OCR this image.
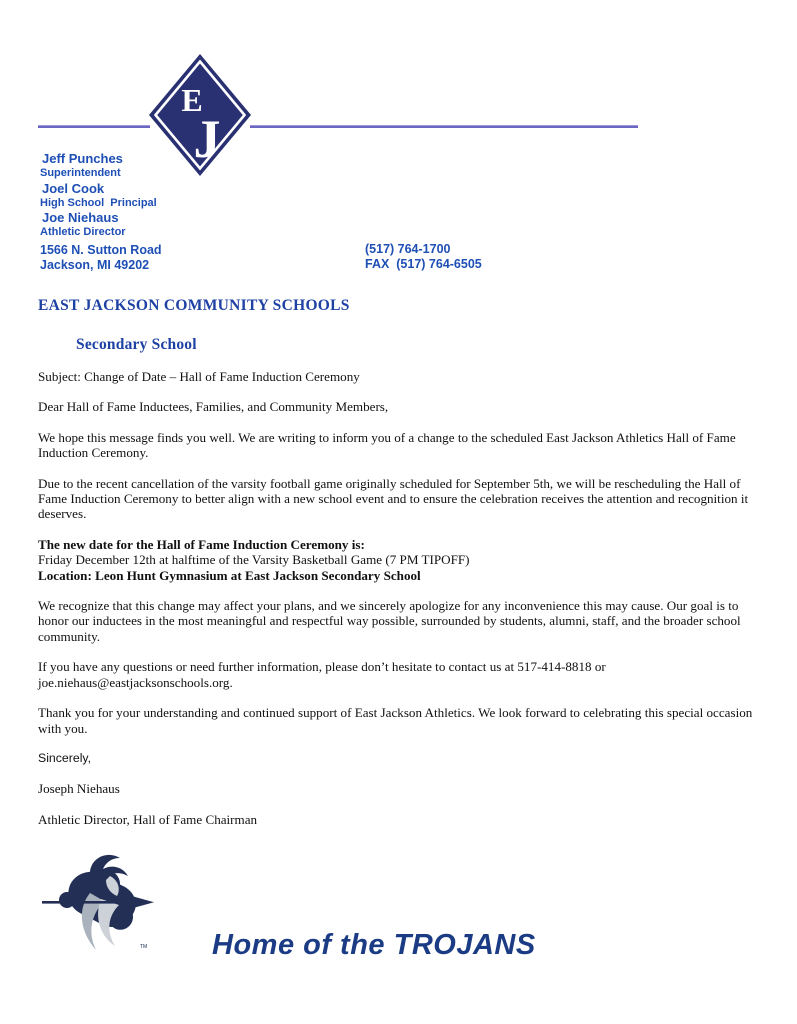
E
J
Jeff Punches
Superintendent
Joel Cook
High School  Principal
Joe Niehaus
Athletic Director
1566 N. Sutton Road
Jackson, MI 49202
(517) 764-1700
FAX  (517) 764-6505
EAST JACKSON COMMUNITY SCHOOLS
Secondary School

Subject: Change of Date – Hall of Fame Induction Ceremony

Dear Hall of Fame Inductees, Families, and Community Members,

We hope this message finds you well. We are writing to inform you of a change to the scheduled East Jackson Athletics Hall of Fame Induction Ceremony.

Due to the recent cancellation of the varsity football game originally scheduled for September 5th, we will be rescheduling the Hall of Fame Induction Ceremony to better align with a new school event and to ensure the celebration receives the attention and recognition it deserves.

The new date for the Hall of Fame Induction Ceremony is:

Friday December 12th at halftime of the Varsity Basketball Game (7 PM TIPOFF)

Location: Leon Hunt Gymnasium at East Jackson Secondary School

We recognize that this change may affect your plans, and we sincerely apologize for any inconvenience this may cause. Our goal is to honor our inductees in the most meaningful and respectful way possible, surrounded by students, alumni, staff, and the broader school community.

If you have any questions or need further information, please don’t hesitate to contact us at 517-414-8818 or joe.niehaus@eastjacksonschools.org.

Thank you for your understanding and continued support of East Jackson Athletics. We look forward to celebrating this special occasion with you.

Sincerely,

Joseph Niehaus

Athletic Director, Hall of Fame Chairman

TM Home of the TROJANS
